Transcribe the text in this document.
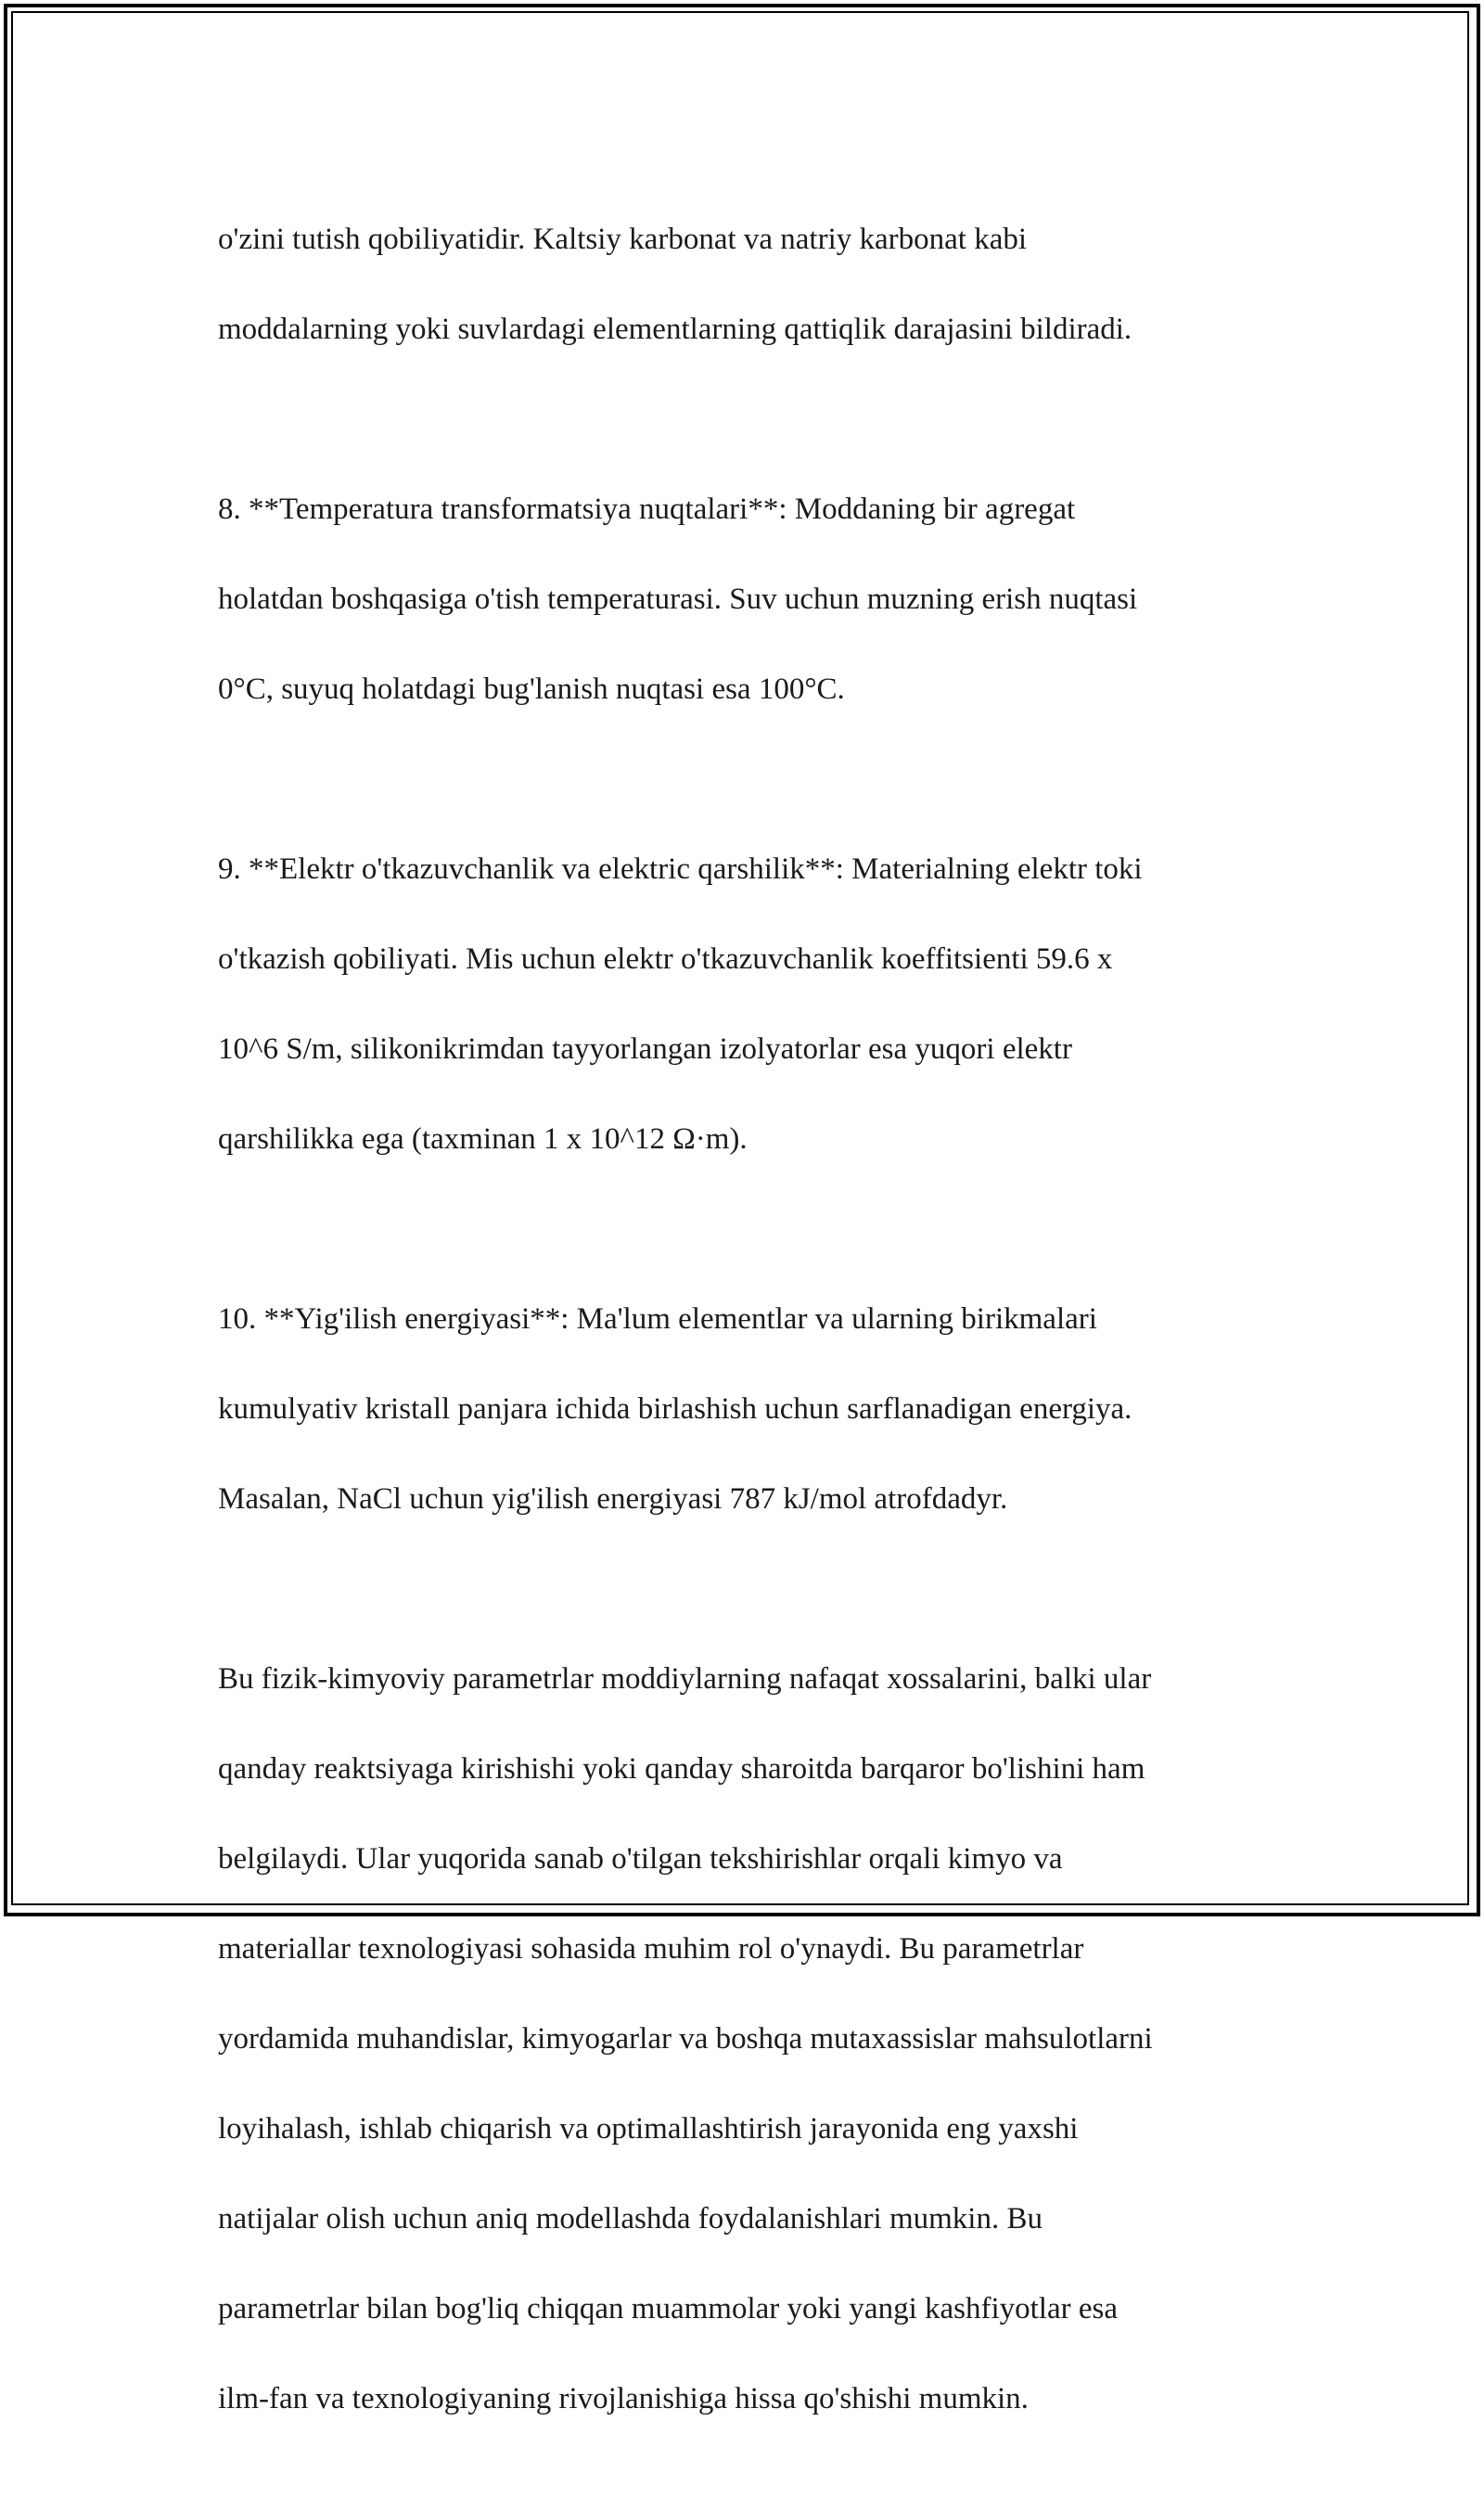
o'zini tutish qobiliyatidir. Kaltsiy karbonat va natriy karbonat kabi

moddalarning yoki suvlardagi elementlarning qattiqlik darajasini bildiradi.

8. **Temperatura transformatsiya nuqtalari**: Moddaning bir agregat

holatdan boshqasiga o'tish temperaturasi. Suv uchun muzning erish nuqtasi

0°C, suyuq holatdagi bug'lanish nuqtasi esa 100°C.

9. **Elektr o'tkazuvchanlik va elektric qarshilik**: Materialning elektr toki

o'tkazish qobiliyati. Mis uchun elektr o'tkazuvchanlik koeffitsienti 59.6 x

10^6 S/m, silikonikrimdan tayyorlangan izolyatorlar esa yuqori elektr

qarshilikka ega (taxminan 1 x 10^12 Ω·m).

10. **Yig'ilish energiyasi**: Ma'lum elementlar va ularning birikmalari

kumulyativ kristall panjara ichida birlashish uchun sarflanadigan energiya.

Masalan, NaCl uchun yig'ilish energiyasi 787 kJ/mol atrofdadyr.

Bu fizik-kimyoviy parametrlar moddiylarning nafaqat xossalarini, balki ular

qanday reaktsiyaga kirishishi yoki qanday sharoitda barqaror bo'lishini ham

belgilaydi. Ular yuqorida sanab o'tilgan tekshirishlar orqali kimyo va

materiallar texnologiyasi sohasida muhim rol o'ynaydi. Bu parametrlar

yordamida muhandislar, kimyogarlar va boshqa mutaxassislar mahsulotlarni

loyihalash, ishlab chiqarish va optimallashtirish jarayonida eng yaxshi

natijalar olish uchun aniq modellashda foydalanishlari mumkin. Bu

parametrlar bilan bog'liq chiqqan muammolar yoki yangi kashfiyotlar esa

ilm-fan va texnologiyaning rivojlanishiga hissa qo'shishi mumkin.
